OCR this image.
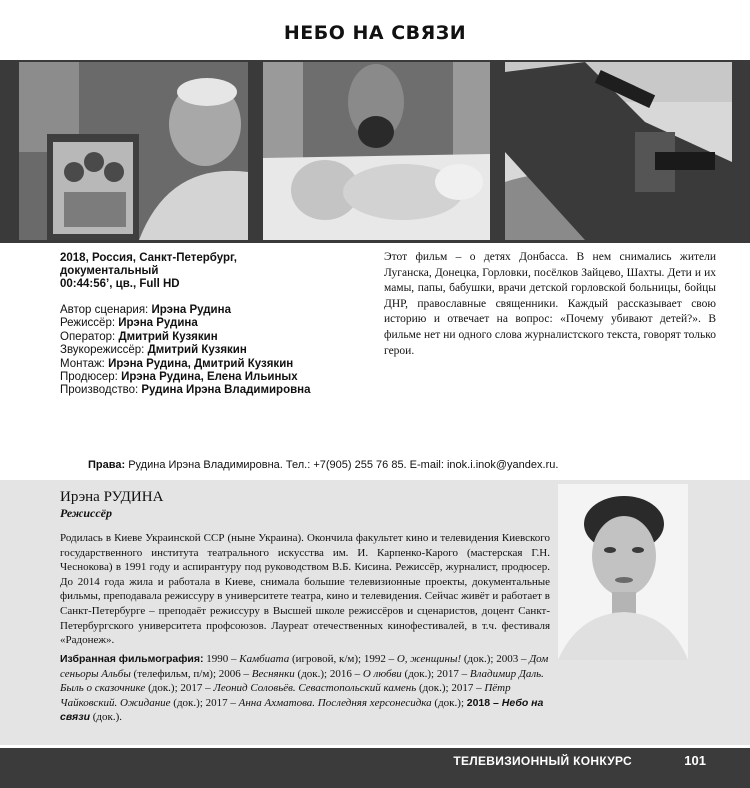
НЕБО НА СВЯЗИ
2018, Россия, Санкт-Петербург,
документальный
00:44:56’, цв., Full HD
Автор сценария: Ирэна Рудина
Режиссёр: Ирэна Рудина
Оператор: Дмитрий Кузякин
Звукорежиссёр: Дмитрий Кузякин
Монтаж: Ирэна Рудина, Дмитрий Кузякин
Продюсер: Ирэна Рудина, Елена Ильиных
Производство: Рудина Ирэна Владимировна
Этот фильм – о детях Донбасса. В нем снимались жители Луганска, Донецка, Горловки, посёлков Зайцево, Шахты. Дети и их мамы, папы, бабушки, врачи детской горловской больницы, бойцы ДНР, православные священники. Каждый рассказывает свою историю и отвечает на вопрос: «Почему убивают детей?». В фильме нет ни одного слова журналистского текста, говорят только герои.
Права: Рудина Ирэна Владимировна. Тел.: +7(905) 255 76 85. E-mail: inok.i.inok@yandex.ru.
Ирэна РУДИНА
Режиссёр
Родилась в Киеве Украинской ССР (ныне Украина). Окончила факультет кино и телевидения Киевского государственного института театрального искусства им. И. Карпенко-Карого (мастерская Г.Н. Чесноковa) в 1991 году и аспирантуру под руководством В.Б. Кисина. Режиссёр, журналист, продюсер. До 2014 года жила и работала в Киеве, снимала большие телевизионные проекты, документальные фильмы, преподавала режиссуру в университете театра, кино и телевидения. Сейчас живёт и работает в Санкт-Петербурге – преподаёт режиссуру в Высшей школе режиссёров и сценаристов, доцент Санкт-Петербургского университета профсоюзов. Лауреат отечественных кинофестивалей, в т.ч. фестиваля «Радонеж».
Избранная фильмография: 1990 – Камбиата (игровой, к/м); 1992 – О, женщины! (док.); 2003 – Дом сеньоры Альбы (телефильм, п/м); 2006 – Веснянки (док.); 2016 – О любви (док.); 2017 – Владимир Даль. Быль о сказочнике (док.); 2017 – Леонид Соловьёв. Севастопольский камень (док.); 2017 – Пётр Чайковский. Ожидание (док.); 2017 – Анна Ахматова. Последняя херсонесидка (док.); 2018 – Небо на связи (док.).
ТЕЛЕВИЗИОННЫЙ КОНКУРС	101
